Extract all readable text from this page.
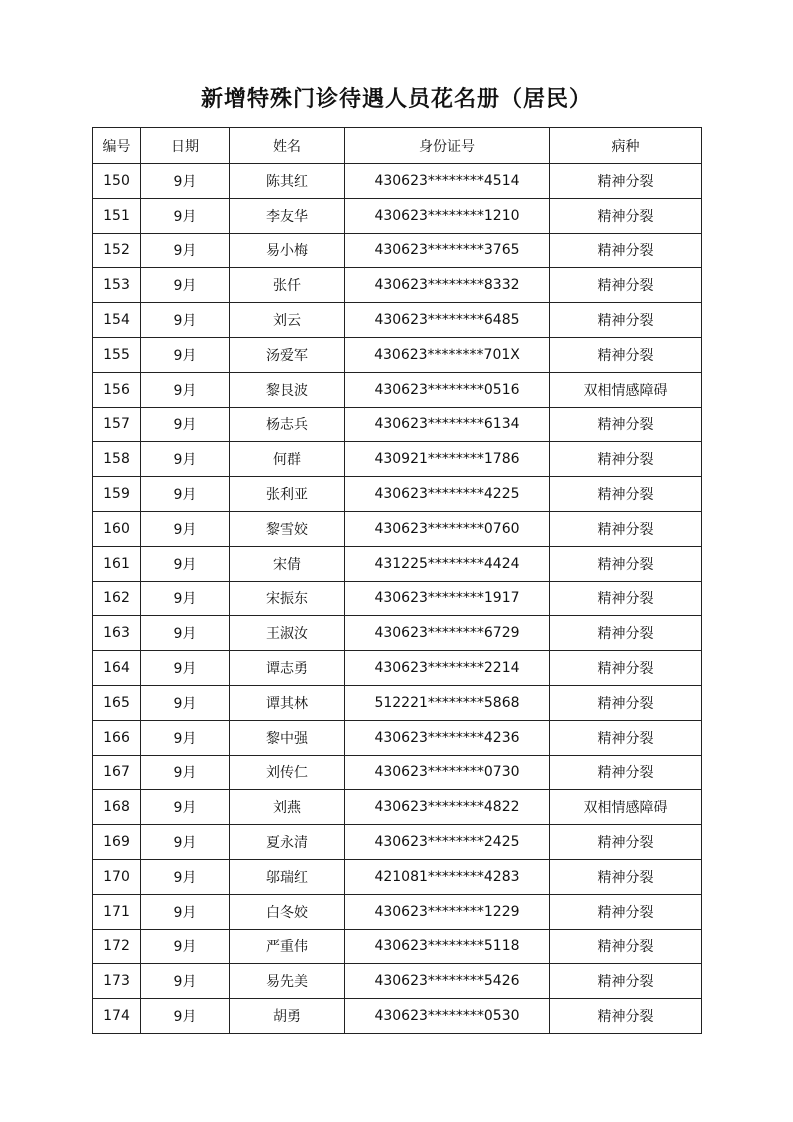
新增特殊门诊待遇人员花名册（居民）
编号	日期	姓名	身份证号	病种
150	9月	陈其红	430623********4514	精神分裂
151	9月	李友华	430623********1210	精神分裂
152	9月	易小梅	430623********3765	精神分裂
153	9月	张仟	430623********8332	精神分裂
154	9月	刘云	430623********6485	精神分裂
155	9月	汤爱军	430623********701X	精神分裂
156	9月	黎艮波	430623********0516	双相情感障碍
157	9月	杨志兵	430623********6134	精神分裂
158	9月	何群	430921********1786	精神分裂
159	9月	张利亚	430623********4225	精神分裂
160	9月	黎雪姣	430623********0760	精神分裂
161	9月	宋倩	431225********4424	精神分裂
162	9月	宋振东	430623********1917	精神分裂
163	9月	王淑汝	430623********6729	精神分裂
164	9月	谭志勇	430623********2214	精神分裂
165	9月	谭其林	512221********5868	精神分裂
166	9月	黎中强	430623********4236	精神分裂
167	9月	刘传仁	430623********0730	精神分裂
168	9月	刘燕	430623********4822	双相情感障碍
169	9月	夏永清	430623********2425	精神分裂
170	9月	邬瑞红	421081********4283	精神分裂
171	9月	白冬姣	430623********1229	精神分裂
172	9月	严重伟	430623********5118	精神分裂
173	9月	易先美	430623********5426	精神分裂
174	9月	胡勇	430623********0530	精神分裂
